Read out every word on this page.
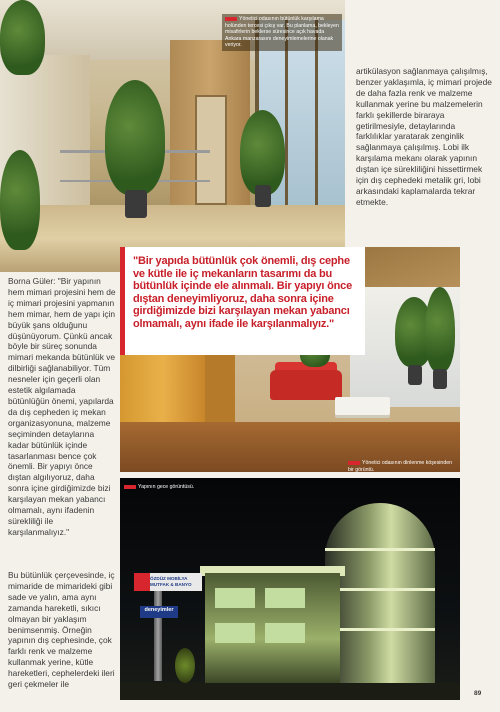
Yönetici odasının bütünlük karşılama holünden tercesi çıkış var. Bu planlama, bekleyen misafirlerin beklerse süresince açık havada Ankara manzarasını deneyimlemelerine olanak veriyor.
artikülasyon sağlanmaya çalışılmış, benzer yaklaşımla, iç mimari projede de daha fazla renk ve malzeme kullanmak yerine bu malzemelerin farklı şekillerde biraraya getirilmesiyle, detaylarında farklılıklar yaratarak zenginlik sağlanmaya çalışılmış. Lobi ilk karşılama mekanı olarak yapının dıştan içe sürekliliğini hissettirmek için dış cephedeki metalik gri, lobi arkasındaki kaplamalarda tekrar etmekte.
"Bir yapıda bütünlük çok önemli, dış cephe ve kütle ile iç mekanların tasarımı da bu bütünlük içinde ele alınmalı. Bir yapıyı önce dıştan deneyimliyoruz, daha sonra içine girdiğimizde bizi karşılayan mekan yabancı olmamalı, aynı ifade ile karşılanmalıyız."
Yönetici odasının dinlenme köşesinden bir görüntü.
Borna Güler: "Bir yapının hem mimari projesini hem de iç mimari projesini yapmanın hem mimar, hem de yapı için büyük şans olduğunu düşünüyorum. Çünkü ancak böyle bir süreç sonunda mimari mekanda bütünlük ve dilbirliği sağlanabiliyor. Tüm nesneler için geçerli olan estetik algılamada bütünlüğün önemi, yapılarda da dış cepheden iç mekan organizasyonuna, malzeme seçiminden detaylarına kadar bütünlük içinde tasarlanması bence çok önemli. Bir yapıyı önce dıştan algılıyoruz, daha sonra içine girdiğimizde bizi karşılayan mekan yabancı olmamalı, aynı ifadenin sürekliliği ile karşılanmalıyız."
Yapının gece görüntüsü.
ÖZDÜZ MOBİLYA MUTFAK & BANYO
deneyimler
Bu bütünlük çerçevesinde, iç mimaride de mimarideki gibi sade ve yalın, ama aynı zamanda hareketli, sıkıcı olmayan bir yaklaşım benimsenmiş. Örneğin yapının dış cephesinde, çok farklı renk ve malzeme kullanmak yerine, kütle hareketleri, cephelerdeki ileri geri çekmeler ile
89
